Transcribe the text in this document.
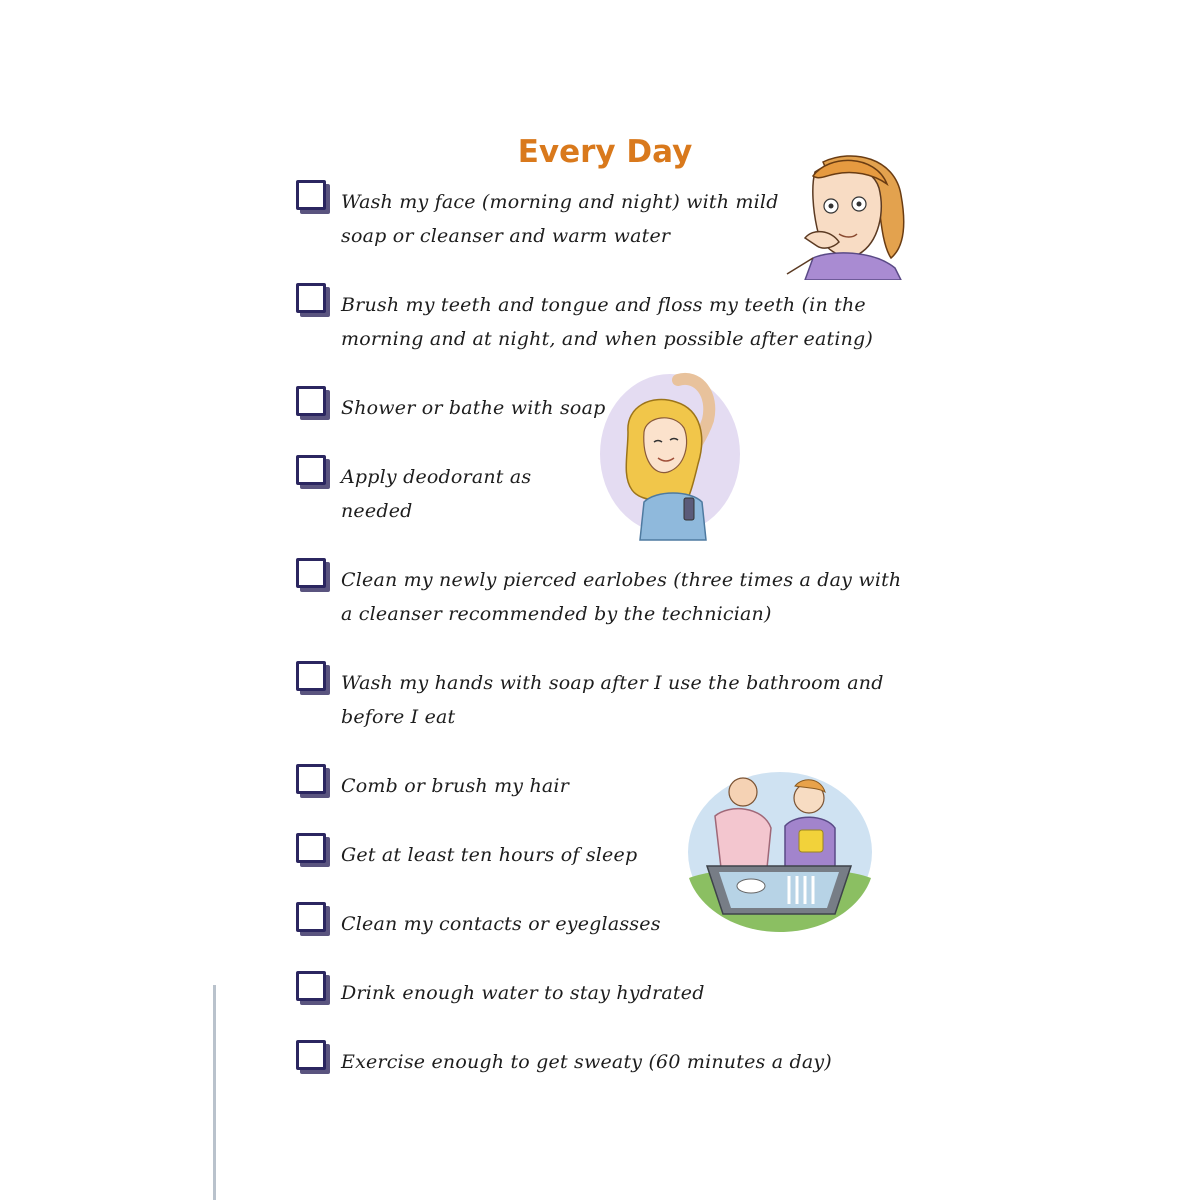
Every Day
Wash my face (morning and night) with mild
soap or cleanser and warm water
Brush my teeth and tongue and floss my teeth (in the
morning and at night, and when possible after eating)
Shower or bathe with soap
Apply deodorant as
needed
Clean my newly pierced earlobes (three times a day with
a cleanser recommended by the technician)
Wash my hands with soap after I use the bathroom and
before I eat
Comb or brush my hair
Get at least ten hours of sleep
Clean my contacts or eyeglasses
Drink enough water to stay hydrated
Exercise enough to get sweaty (60 minutes a day)
